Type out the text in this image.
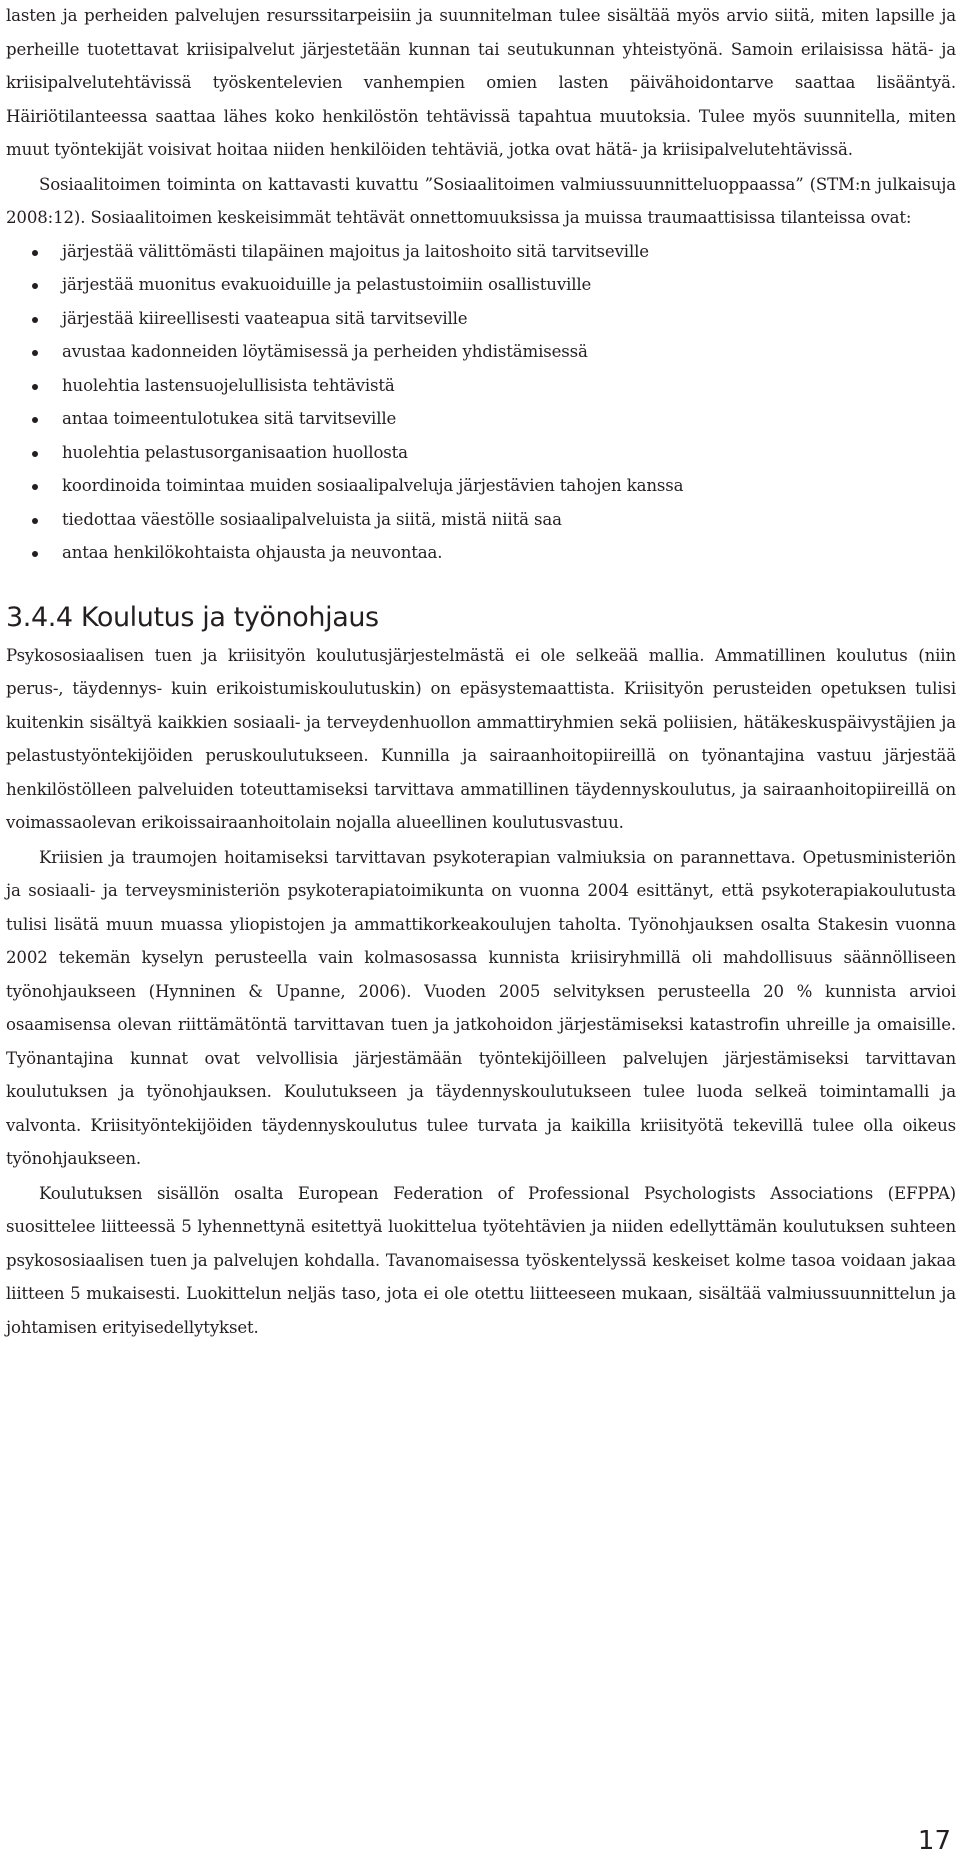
lasten ja perheiden palvelujen resurssitarpeisiin ja suunnitelman tulee sisältää myös arvio siitä, miten lapsille ja perheille tuotettavat kriisipalvelut järjestetään kunnan tai seutukunnan yhteistyönä. Samoin erilaisissa hätä- ja kriisipalvelutehtävissä työskentelevien vanhempien omien lasten päivähoidontarve saattaa lisääntyä. Häiriötilanteessa saattaa lähes koko henkilöstön tehtävissä tapahtua muutoksia. Tulee myös suunnitella, miten muut työntekijät voisivat hoitaa niiden henkilöiden tehtäviä, jotka ovat hätä- ja kriisipalvelutehtävissä.

Sosiaalitoimen toiminta on kattavasti kuvattu ”Sosiaalitoimen valmiussuunnitteluoppaassa” (STM:n julkaisuja 2008:12). Sosiaalitoimen keskeisimmät tehtävät onnettomuuksissa ja muissa traumaattisissa tilanteissa ovat:

järjestää välittömästi tilapäinen majoitus ja laitoshoito sitä tarvitseville
järjestää muonitus evakuoiduille ja pelastustoimiin osallistuville
järjestää kiireellisesti vaateapua sitä tarvitseville
avustaa kadonneiden löytämisessä ja perheiden yhdistämisessä
huolehtia lastensuojelullisista tehtävistä
antaa toimeentulotukea sitä tarvitseville
huolehtia pelastusorganisaation huollosta
koordinoida toimintaa muiden sosiaalipalveluja järjestävien tahojen kanssa
tiedottaa väestölle sosiaalipalveluista ja siitä, mistä niitä saa
antaa henkilökohtaista ohjausta ja neuvontaa.
3.4.4 Koulutus ja työnohjaus

Psykososiaalisen tuen ja kriisityön koulutusjärjestelmästä ei ole selkeää mallia. Ammatillinen koulutus (niin perus-, täydennys- kuin erikoistumiskoulutuskin) on epäsystemaattista. Kriisityön perusteiden opetuksen tulisi kuitenkin sisältyä kaikkien sosiaali- ja terveydenhuollon ammattiryhmien sekä poliisien, hätäkeskuspäivystäjien ja pelastustyöntekijöiden peruskoulutukseen. Kunnilla ja sairaanhoitopiireillä on työnantajina vastuu järjestää henkilöstölleen palveluiden toteuttamiseksi tarvittava ammatillinen täydennyskoulutus, ja sairaanhoitopiireillä on voimassaolevan erikoissairaanhoitolain nojalla alueellinen koulutusvastuu.

Kriisien ja traumojen hoitamiseksi tarvittavan psykoterapian valmiuksia on parannettava. Opetusministeriön ja sosiaali- ja terveysministeriön psykoterapiatoimikunta on vuonna 2004 esittänyt, että psykoterapiakoulutusta tulisi lisätä muun muassa yliopistojen ja ammattikorkeakoulujen taholta. Työnohjauksen osalta Stakesin vuonna 2002 tekemän kyselyn perusteella vain kolmasosassa kunnista kriisiryhmillä oli mahdollisuus säännölliseen työnohjaukseen (Hynninen & Upanne, 2006). Vuoden 2005 selvityksen perusteella 20 % kunnista arvioi osaamisensa olevan riittämätöntä tarvittavan tuen ja jatkohoidon järjestämiseksi katastrofin uhreille ja omaisille. Työnantajina kunnat ovat velvollisia järjestämään työntekijöilleen palvelujen järjestämiseksi tarvittavan koulutuksen ja työnohjauksen. Koulutukseen ja täydennyskoulutukseen tulee luoda selkeä toimintamalli ja valvonta. Kriisityöntekijöiden täydennyskoulutus tulee turvata ja kaikilla kriisityötä tekevillä tulee olla oikeus työnohjaukseen.

Koulutuksen sisällön osalta European Federation of Professional Psychologists Associations (EFPPA) suosittelee liitteessä 5 lyhennettynä esitettyä luokittelua työtehtävien ja niiden edellyttämän koulutuksen suhteen psykososiaalisen tuen ja palvelujen kohdalla. Tavanomaisessa työskentelyssä keskeiset kolme tasoa voidaan jakaa liitteen 5 mukaisesti. Luokittelun neljäs taso, jota ei ole otettu liitteeseen mukaan, sisältää valmiussuunnittelun ja johtamisen erityisedellytykset.

17
